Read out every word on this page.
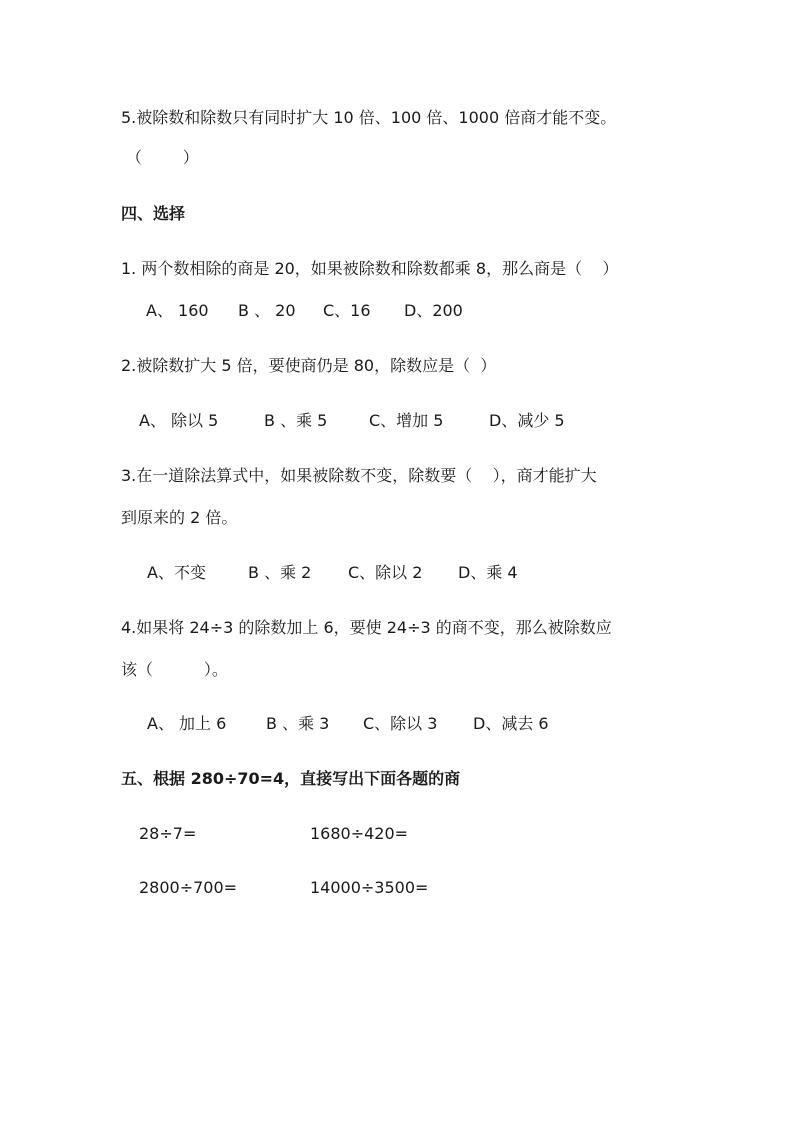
5.被除数和除数只有同时扩大 10 倍、100 倍、1000 倍商才能不变。
（        ）
四、选择
1. 两个数相除的商是 20，如果被除数和除数都乘 8，那么商是（    ）
A、 160 B 、 20 C、16 D、200
2.被除数扩大 5 倍，要使商仍是 80，除数应是（  ）
A、 除以 5	B 、乘 5	C、增加 5	D、减少 5
3.在一道除法算式中，如果被除数不变，除数要（    ），商才能扩大
到原来的 2 倍。
A、不变	B 、乘 2 C、除以 2 D、乘 4
4.如果将 24÷3 的除数加上 6，要使 24÷3 的商不变，那么被除数应
该（          ）。
A、 加上 6 B 、乘 3 C、除以 3 D、减去 6
五、根据 280÷70=4，直接写出下面各题的商
28÷7=	1680÷420=
2800÷700=	14000÷3500=
